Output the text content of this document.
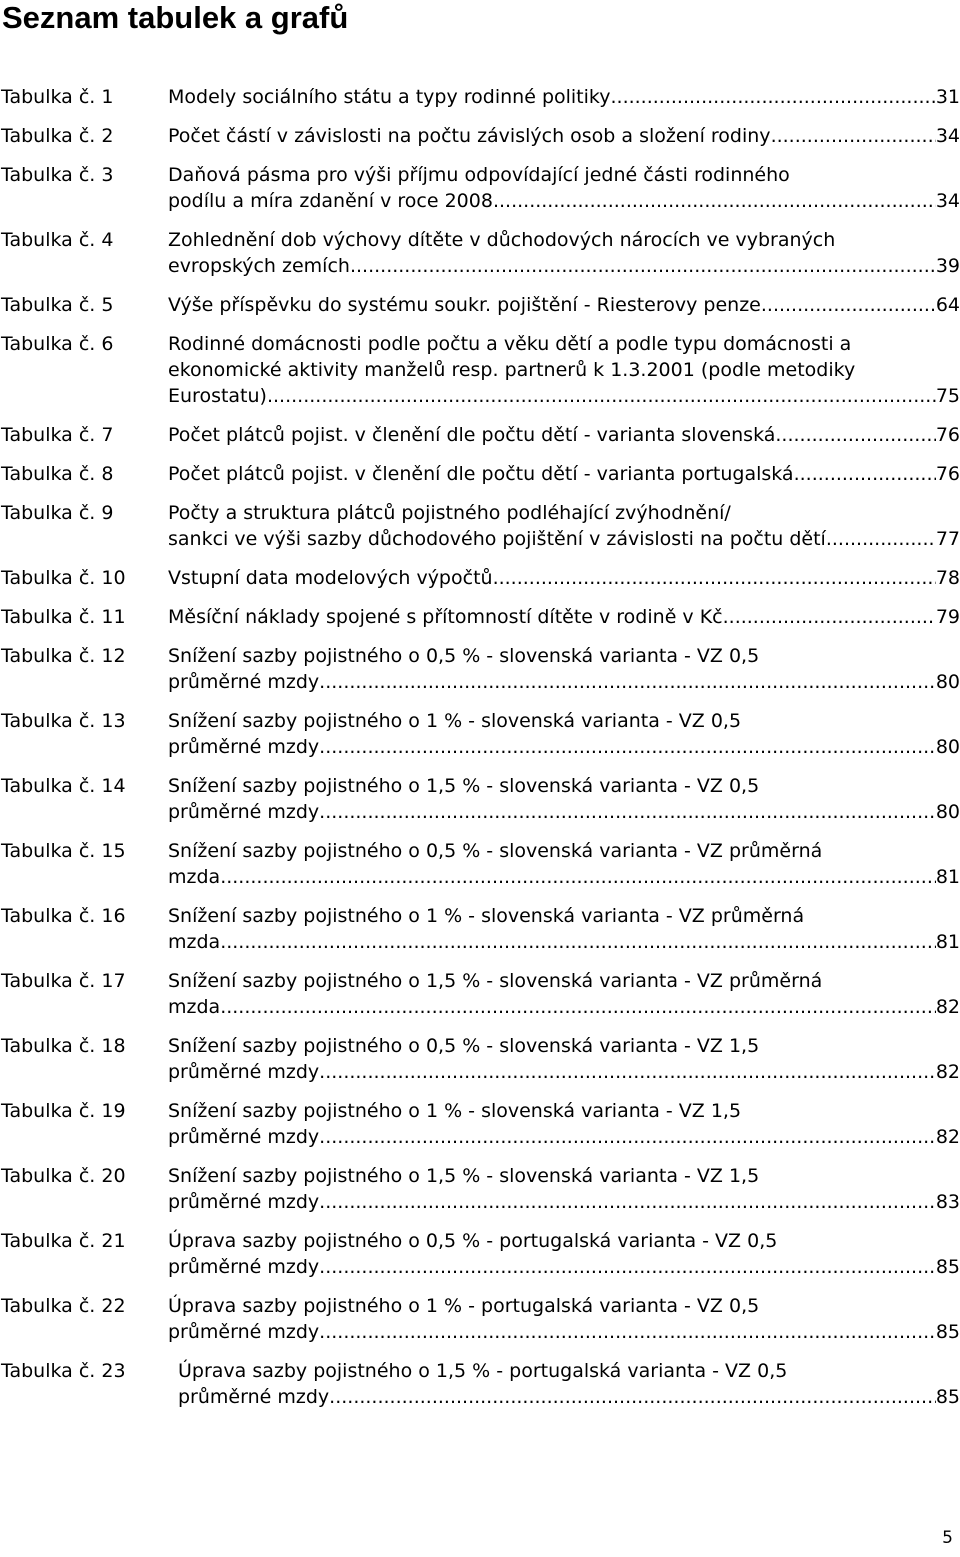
Seznam tabulek a grafů
Tabulka č. 1	Modely sociálního státu a typy rodinné politiky .....	31
Tabulka č. 2	Počet částí v závislosti na počtu závislých osob a složení rodiny .....	34
Tabulka č. 3	Daňová pásma pro výši příjmu odpovídající jedné části rodinného
podílu a míra zdanění v roce 2008 .....	34
Tabulka č. 4	Zohlednění dob výchovy dítěte v důchodových nárocích ve vybraných
evropských zemích .....	39
Tabulka č. 5	Výše příspěvku do systému soukr. pojištění - Riesterovy penze .....	64
Tabulka č. 6	Rodinné domácnosti podle počtu a věku dětí a podle typu domácnosti a
ekonomické aktivity manželů resp. partnerů k 1.3.2001 (podle metodiky
Eurostatu) .....	75
Tabulka č. 7	Počet plátců pojist. v členění dle počtu dětí - varianta slovenská .....	76
Tabulka č. 8	Počet plátců pojist. v členění dle počtu dětí - varianta portugalská .....	76
Tabulka č. 9	Počty a struktura plátců pojistného podléhající zvýhodnění/
sankci ve výši sazby důchodového pojištění v závislosti na počtu dětí .....	77
Tabulka č. 10 Vstupní data modelových výpočtů .....	78
Tabulka č. 11 Měsíční náklady spojené s přítomností dítěte v rodině v Kč .....	79
Tabulka č. 12 Snížení sazby pojistného o 0,5 % - slovenská varianta - VZ 0,5
průměrné mzdy .....	80
Tabulka č. 13 Snížení sazby pojistného o 1 % - slovenská varianta - VZ 0,5
průměrné mzdy .....	80
Tabulka č. 14 Snížení sazby pojistného o 1,5 % - slovenská varianta - VZ 0,5
průměrné mzdy .....	80
Tabulka č. 15 Snížení sazby pojistného o 0,5 % - slovenská varianta - VZ průměrná
mzda .....	81
Tabulka č. 16 Snížení sazby pojistného o 1 % - slovenská varianta - VZ průměrná
mzda .....	81
Tabulka č. 17 Snížení sazby pojistného o 1,5 % - slovenská varianta - VZ průměrná
mzda .....	82
Tabulka č. 18 Snížení sazby pojistného o 0,5 % - slovenská varianta - VZ 1,5
průměrné mzdy .....	82
Tabulka č. 19 Snížení sazby pojistného o 1 % - slovenská varianta - VZ 1,5
průměrné mzdy .....	82
Tabulka č. 20 Snížení sazby pojistného o 1,5 % - slovenská varianta - VZ 1,5
průměrné mzdy .....	83
Tabulka č. 21 Úprava sazby pojistného o 0,5 % - portugalská varianta - VZ 0,5
průměrné mzdy .....	85
Tabulka č. 22 Úprava sazby pojistného o 1 % - portugalská varianta - VZ 0,5
průměrné mzdy .....	85
Tabulka č. 23	Úprava sazby pojistného o 1,5 % - portugalská varianta - VZ 0,5
průměrné mzdy .....	85
5
